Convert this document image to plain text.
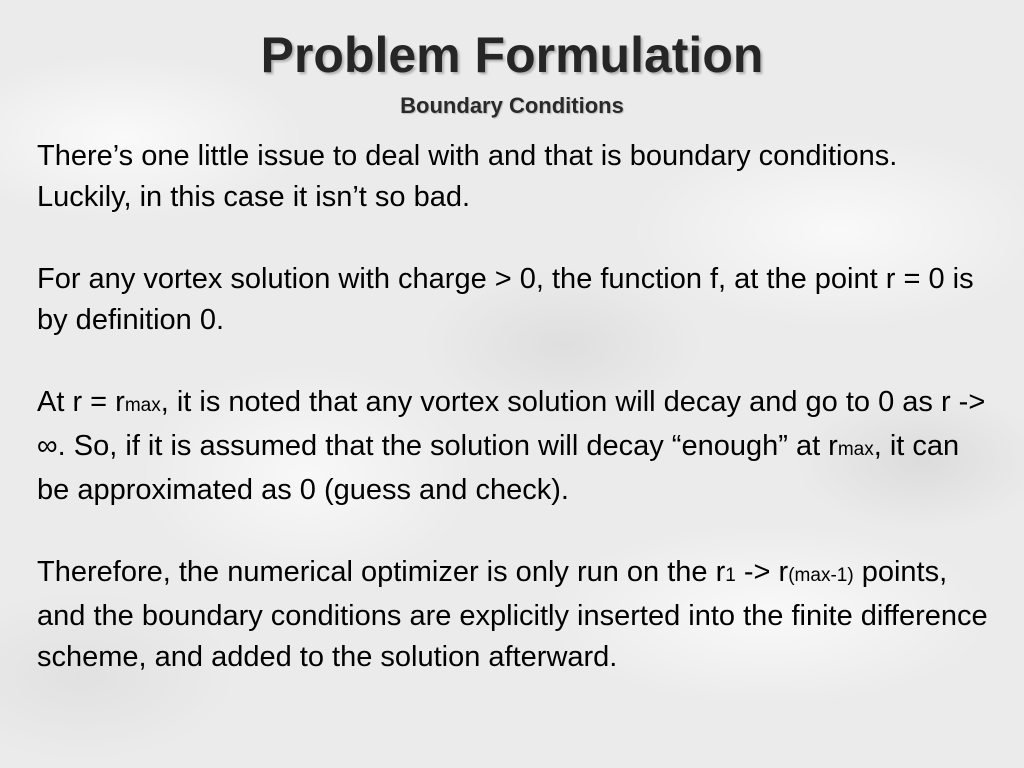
Problem Formulation
Boundary Conditions

There’s one little issue to deal with and that is boundary conditions. Luckily, in this case it isn’t so bad.

For any vortex solution with charge > 0, the function f, at the point r = 0 is by definition 0.

At r = rmax, it is noted that any vortex solution will decay and go to 0 as r -> ∞. So, if it is assumed that the solution will decay “enough” at rmax, it can be approximated as 0 (guess and check).

Therefore, the numerical optimizer is only run on the r1 -> r(max-1) points, and the boundary conditions are explicitly inserted into the finite difference scheme, and added to the solution afterward.
